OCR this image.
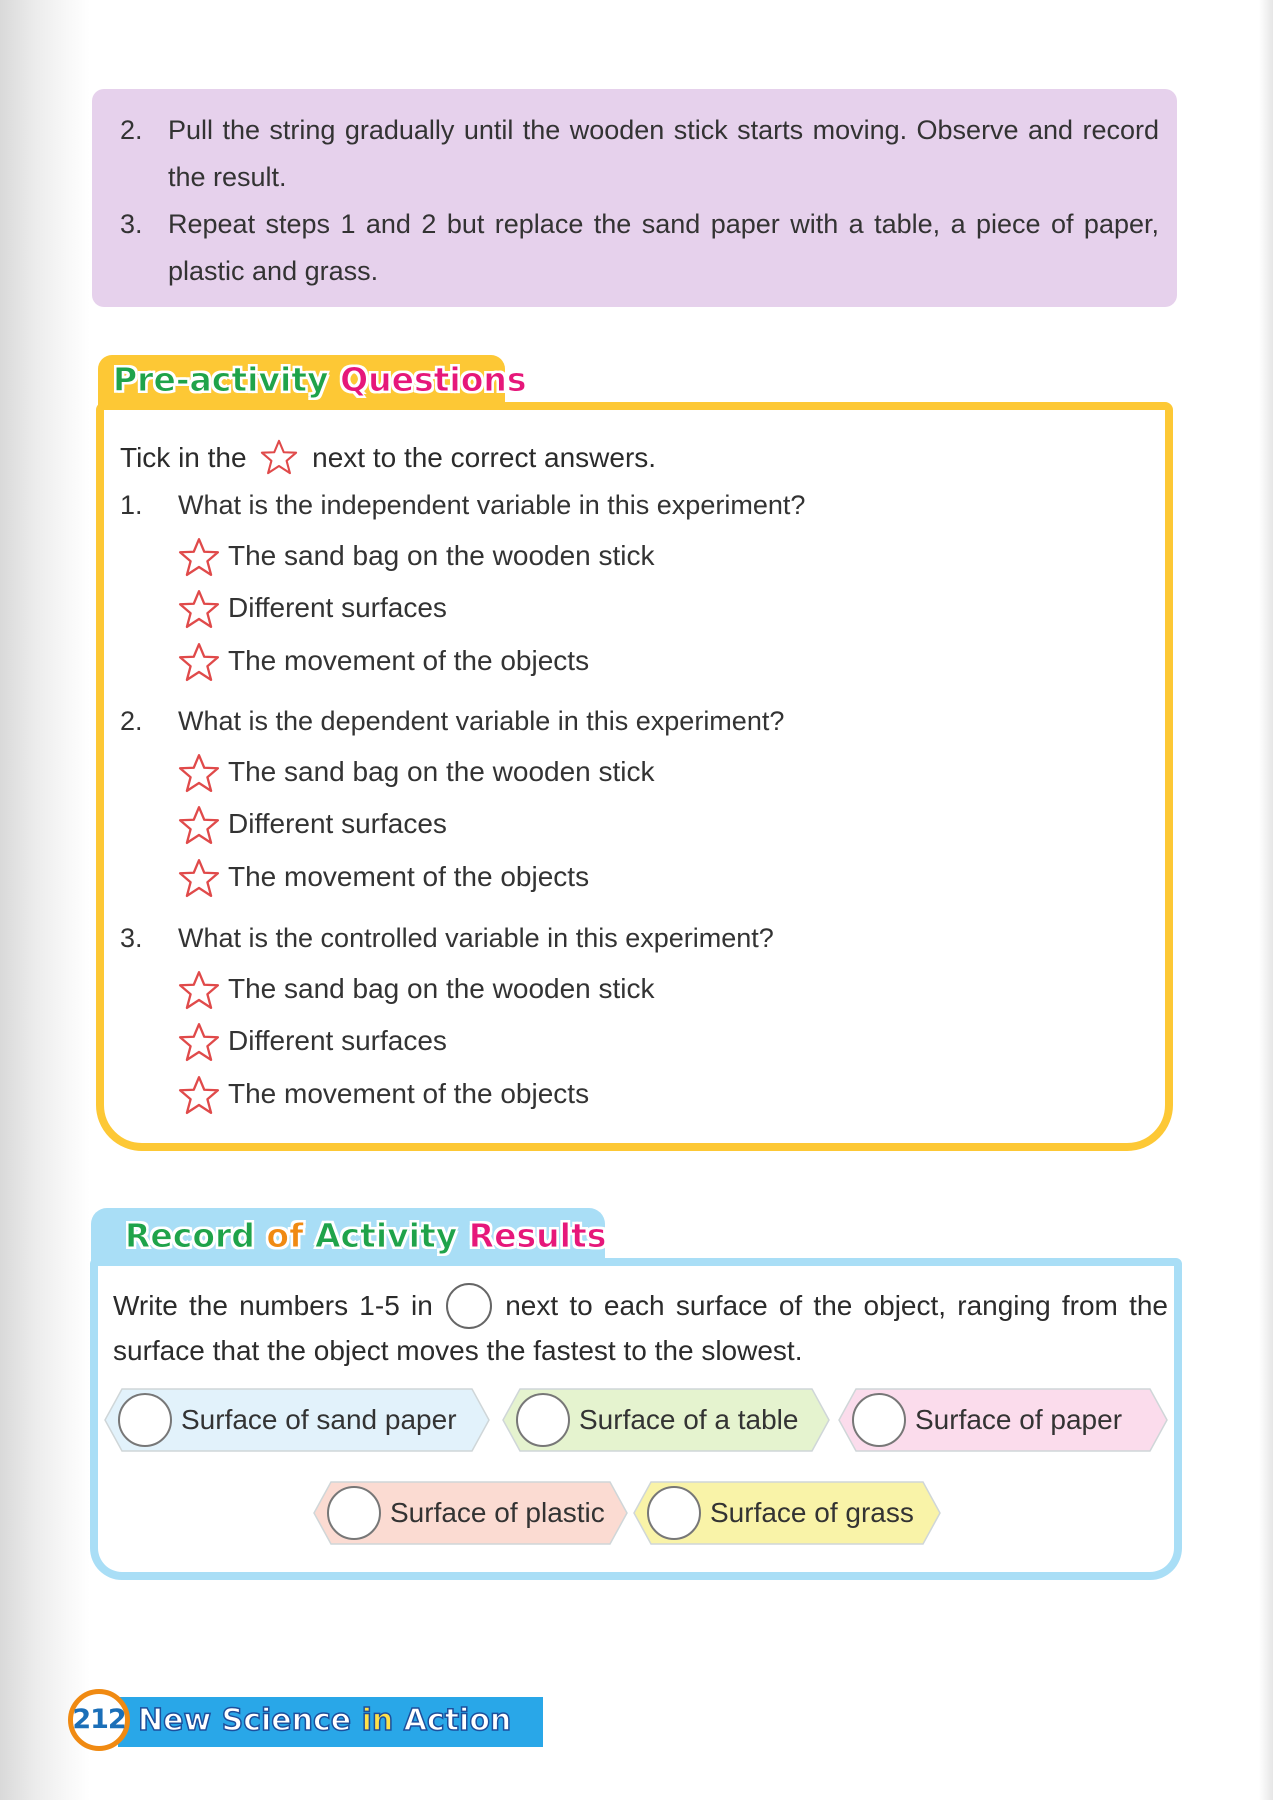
2. Pull the string gradually until the wooden stick starts moving. Observe and record the result.
3. Repeat steps 1 and 2 but replace the sand paper with a table, a piece of paper, plastic and grass.
Pre-activity Questions
Tick in the next to the correct answers.
1. What is the independent variable in this experiment?
The sand bag on the wooden stick
Different surfaces
The movement of the objects
2. What is the dependent variable in this experiment?
The sand bag on the wooden stick
Different surfaces
The movement of the objects
3. What is the controlled variable in this experiment?
The sand bag on the wooden stick
Different surfaces
The movement of the objects
Record of Activity Results
Write the numbers 1-5 in	next to each surface of the object, ranging from the surface that the object moves the fastest to the slowest.
Surface of sand paper	Surface of a table	Surface of paper
Surface of plastic	Surface of grass
212 New Science in Action
